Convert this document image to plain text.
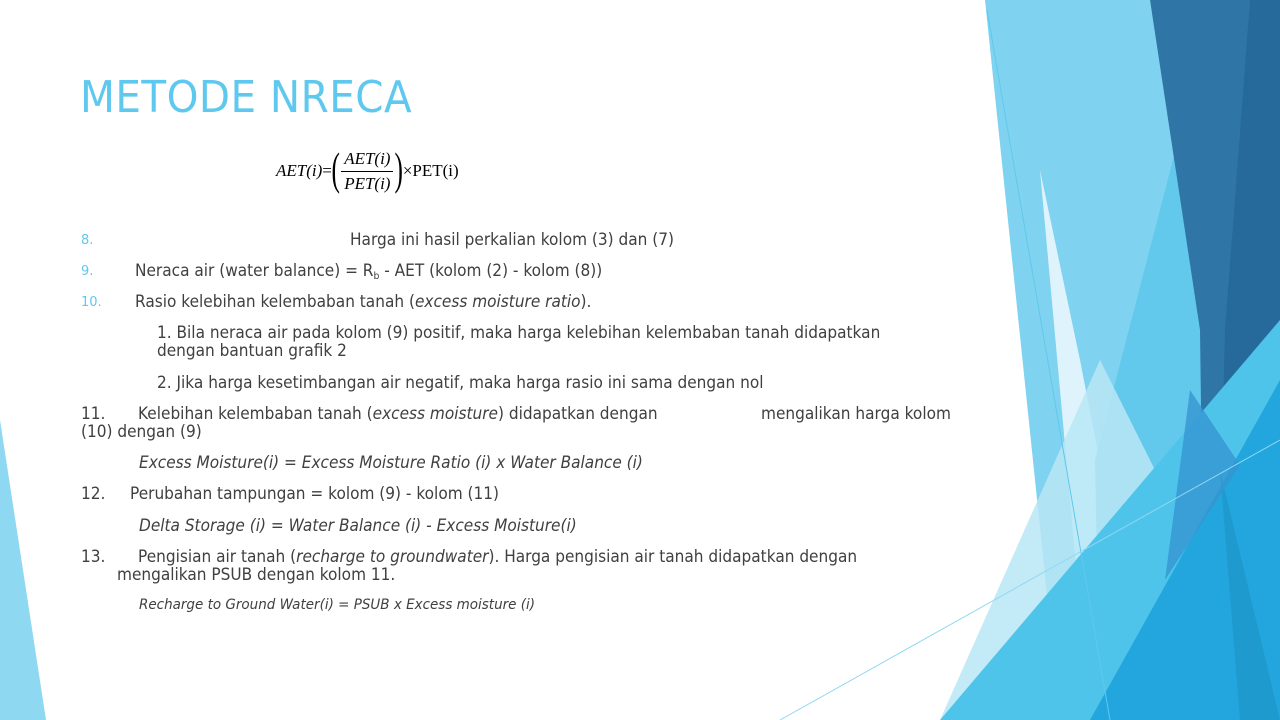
METODE NRECA
AET(i) = ( $\frac{\text{AET(i)}}{\text{PET(i)}}$ ) × PET(i)
8.	Harga ini hasil perkalian kolom (3) dan (7)
9.	Neraca air (water balance) = $R_b$ - AET (kolom (2) - kolom (8))
10. Rasio kelebihan kelembaban tanah (excess moisture ratio).
1. Bila neraca air pada kolom (9) positif, maka harga kelebihan kelembaban tanah didapatkan
dengan bantuan grafik 2
2. Jika harga kesetimbangan air negatif, maka harga rasio ini sama dengan nol
11. Kelebihan kelembaban tanah (excess moisture) didapatkan dengan	mengalikan harga kolom
(10) dengan (9)
Excess Moisture(i) = Excess Moisture Ratio (i) x Water Balance (i)
12. Perubahan tampungan = kolom (9) - kolom (11)
Delta Storage (i) = Water Balance (i) - Excess Moisture(i)
13. Pengisian air tanah (recharge to groundwater). Harga pengisian air tanah didapatkan dengan
mengalikan PSUB dengan kolom 11.
Recharge to Ground Water(i) = PSUB x Excess moisture (i)
